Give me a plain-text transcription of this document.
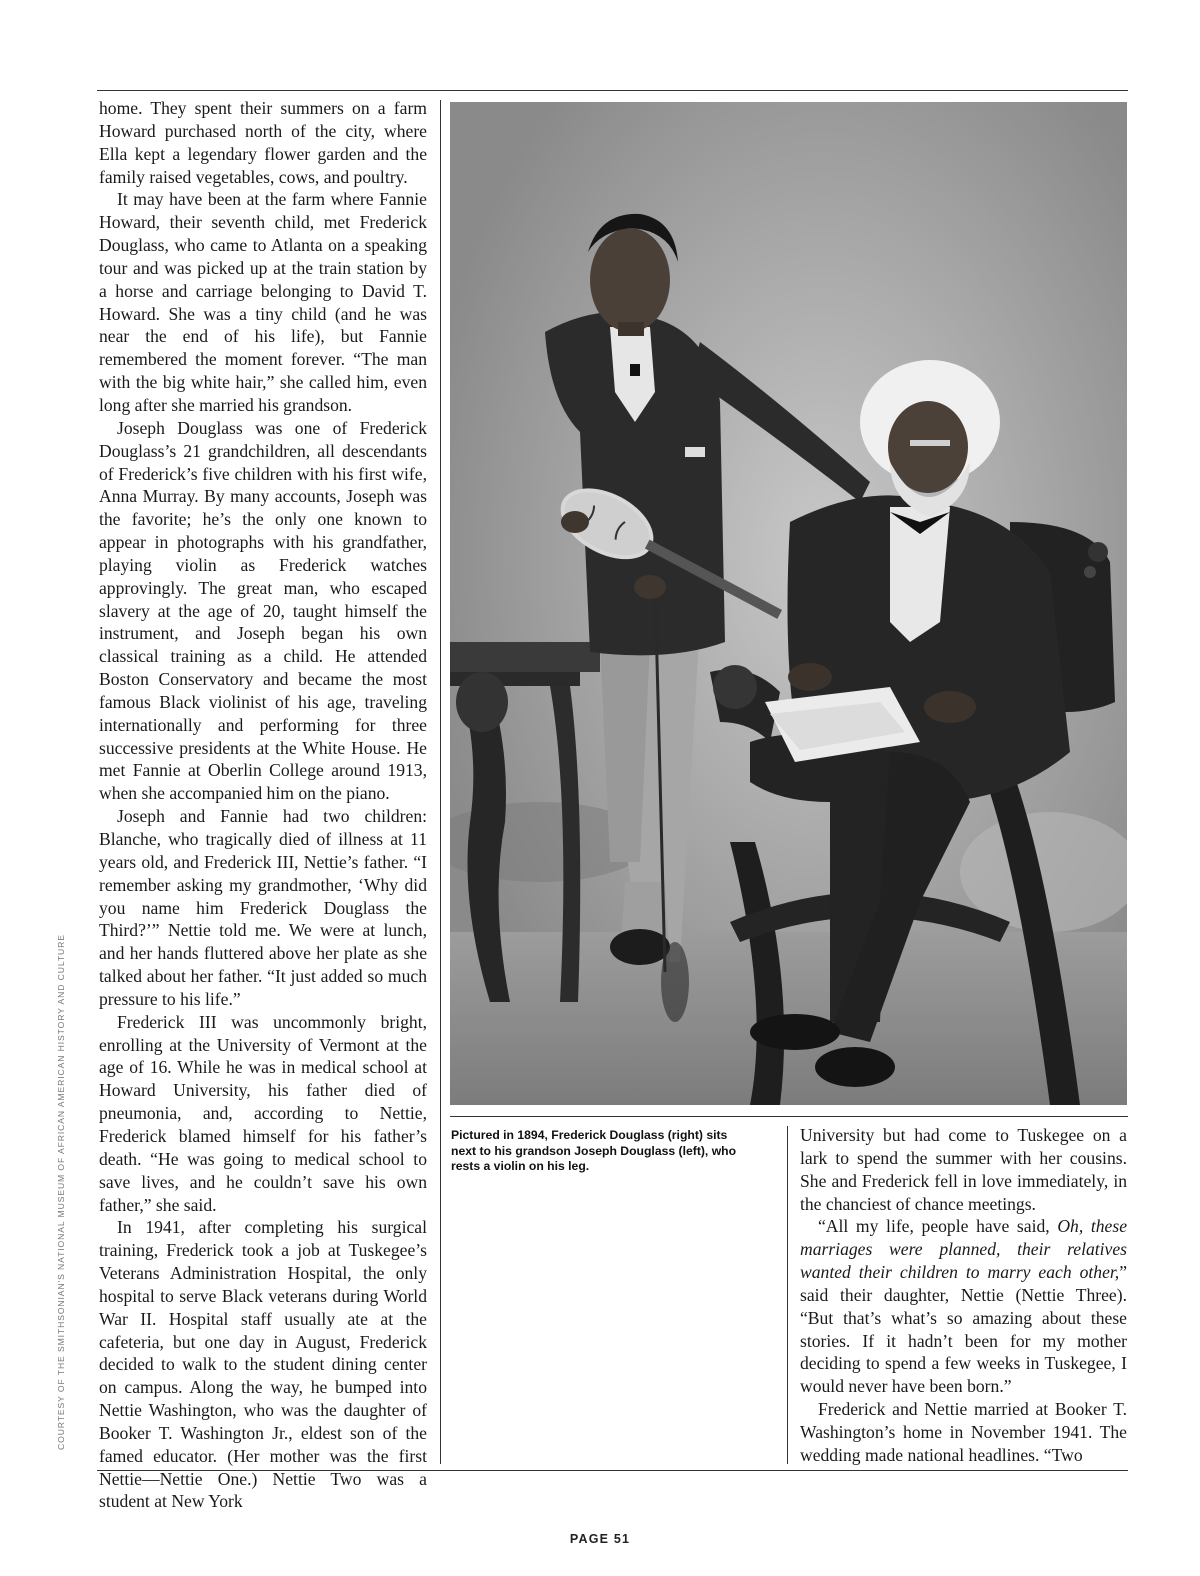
COURTESY OF THE SMITHSONIAN'S NATIONAL MUSEUM OF AFRICAN AMERICAN HISTORY AND CULTURE

home. They spent their summers on a farm Howard purchased north of the city, where Ella kept a legendary flower garden and the family raised vegetables, cows, and poultry.

It may have been at the farm where Fannie Howard, their seventh child, met Frederick Douglass, who came to Atlanta on a speaking tour and was picked up at the train station by a horse and carriage belonging to David T. Howard. She was a tiny child (and he was near the end of his life), but Fannie remembered the moment forever. “The man with the big white hair,” she called him, even long after she married his grandson.

Joseph Douglass was one of Frederick Douglass’s 21 grandchildren, all descendants of Frederick’s five children with his first wife, Anna Murray. By many accounts, Joseph was the favorite; he’s the only one known to appear in photographs with his grandfather, playing violin as Frederick watches approvingly. The great man, who escaped slavery at the age of 20, taught himself the instrument, and Joseph began his own classical training as a child. He attended Boston Conservatory and became the most famous Black violinist of his age, traveling internationally and performing for three successive presidents at the White House. He met Fannie at Oberlin College around 1913, when she accompanied him on the piano.

Joseph and Fannie had two children: Blanche, who tragically died of illness at 11 years old, and Frederick III, Nettie’s father. “I remember asking my grandmother, ‘Why did you name him Frederick Douglass the Third?’” Nettie told me. We were at lunch, and her hands fluttered above her plate as she talked about her father. “It just added so much pressure to his life.”

Frederick III was uncommonly bright, enrolling at the University of Vermont at the age of 16. While he was in medical school at Howard University, his father died of pneumonia, and, according to Nettie, Frederick blamed himself for his father’s death. “He was going to medical school to save lives, and he couldn’t save his own father,” she said.

In 1941, after completing his surgical training, Frederick took a job at Tuskegee’s Veterans Administration Hospital, the only hospital to serve Black veterans during World War II. Hospital staff usually ate at the cafeteria, but one day in August, Frederick decided to walk to the student dining center on campus. Along the way, he bumped into Nettie Washington, who was the daughter of Booker T. Washington Jr., eldest son of the famed educator. (Her mother was the first Nettie—Nettie One.) Nettie Two was a student at New York

Pictured in 1894, Frederick Douglass (right) sits next to his grandson Joseph Douglass (left), who rests a violin on his leg.

University but had come to Tuskegee on a lark to spend the summer with her cousins. She and Frederick fell in love immediately, in the chanciest of chance meetings.

“All my life, people have said, Oh, these marriages were planned, their relatives wanted their children to marry each other,” said their daughter, Nettie (Nettie Three). “But that’s what’s so amazing about these stories. If it hadn’t been for my mother deciding to spend a few weeks in Tuskegee, I would never have been born.”

Frederick and Nettie married at Booker T. Washington’s home in November 1941. The wedding made national headlines. “Two

PAGE 51
